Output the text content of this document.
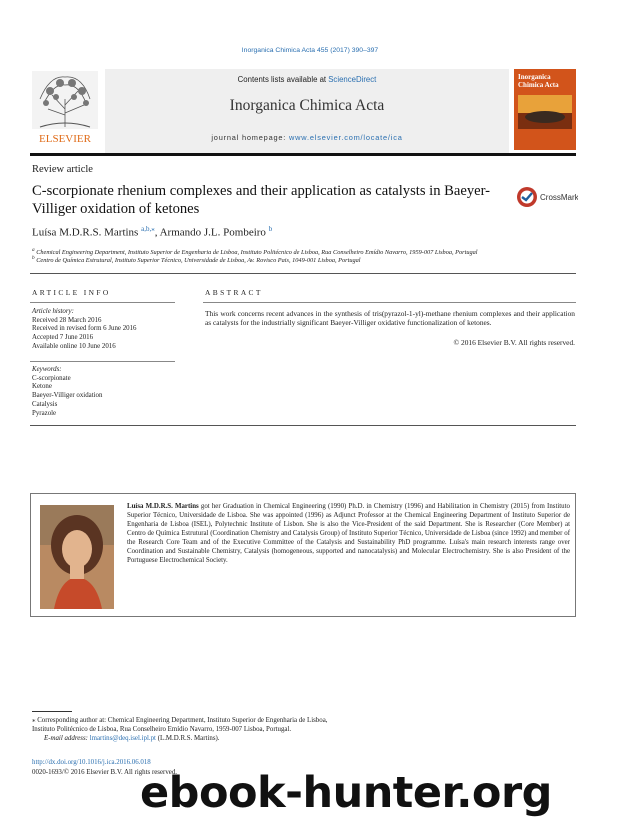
Inorganica Chimica Acta 455 (2017) 390–397
ELSEVIER
Contents lists available at ScienceDirect
Inorganica Chimica Acta
journal homepage: www.elsevier.com/locate/ica
Inorganica Chimica Acta
Review article
C-scorpionate rhenium complexes and their application as catalysts in Baeyer-Villiger oxidation of ketones
CrossMark
Luísa M.D.R.S. Martins $^{a,b,⁎}$, Armando J.L. Pombeiro $^b$
$^a$ Chemical Engineering Department, Instituto Superior de Engenharia de Lisboa, Instituto Politécnico de Lisboa, Rua Conselheiro Emídio Navarro, 1959-007 Lisboa, Portugal
$^b$ Centro de Química Estrutural, Instituto Superior Técnico, Universidade de Lisboa, Av. Rovisco Pais, 1049-001 Lisboa, Portugal
ARTICLE INFO
Article history:
Received 28 March 2016
Received in revised form 6 June 2016
Accepted 7 June 2016
Available online 10 June 2016
Keywords:
C-scorpionate
Ketone
Baeyer-Villiger oxidation
Catalysis
Pyrazole
ABSTRACT
This work concerns recent advances in the synthesis of tris(pyrazol-1-yl)-methane rhenium complexes and their application as catalysts for the industrially significant Baeyer-Villiger oxidative functionalization of ketones.
© 2016 Elsevier B.V. All rights reserved.
Luísa M.D.R.S. Martins got her Graduation in Chemical Engineering (1990) Ph.D. in Chemistry (1996) and Habilitation in Chemistry (2015) from Instituto Superior Técnico, Universidade de Lisboa. She was appointed (1996) as Adjunct Professor at the Chemical Engineering Department of Instituto Superior de Engenharia de Lisboa (ISEL), Polytechnic Institute of Lisbon. She is also the Vice-President of the said Department. She is Researcher (Core Member) at Centro de Química Estrutural (Coordination Chemistry and Catalysis Group) of Instituto Superior Técnico, Universidade de Lisboa (since 1992) and member of the Research Core Team and of the Executive Committee of the Catalysis and Sustainability PhD programme. Luísa's main research interests range over Coordination and Sustainable Chemistry, Catalysis (homogeneous, supported and nanocatalysis) and Molecular Electrochemistry. She is also President of the Portuguese Electrochemical Society.
⁎ Corresponding author at: Chemical Engineering Department, Instituto Superior de Engenharia de Lisboa, Instituto Politécnico de Lisboa, Rua Conselheiro Emídio Navarro, 1959-007 Lisboa, Portugal.
E-mail address: lmartins@deq.isel.ipl.pt (L.M.D.R.S. Martins).
http://dx.doi.org/10.1016/j.ica.2016.06.018
0020-1693/© 2016 Elsevier B.V. All rights reserved.
ebook-hunter.org
